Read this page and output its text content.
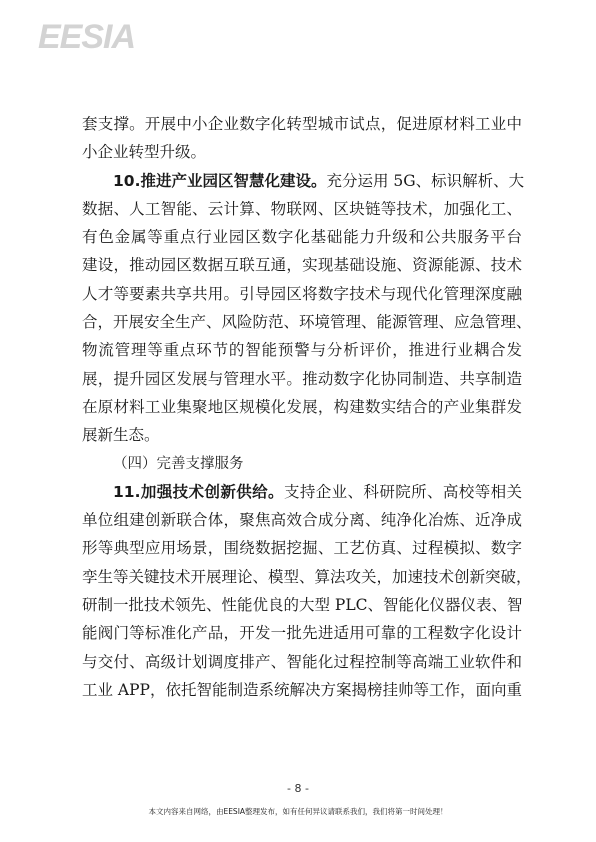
EESIA
套支撑。开展中小企业数字化转型城市试点，促进原材料工业中
小企业转型升级。
10.推进产业园区智慧化建设。充分运用 5G、标识解析、大
数据、人工智能、云计算、物联网、区块链等技术，加强化工、
有色金属等重点行业园区数字化基础能力升级和公共服务平台
建设，推动园区数据互联互通，实现基础设施、资源能源、技术
人才等要素共享共用。引导园区将数字技术与现代化管理深度融
合，开展安全生产、风险防范、环境管理、能源管理、应急管理、
物流管理等重点环节的智能预警与分析评价，推进行业耦合发
展，提升园区发展与管理水平。推动数字化协同制造、共享制造
在原材料工业集聚地区规模化发展，构建数实结合的产业集群发
展新生态。
（四）完善支撑服务
11.加强技术创新供给。支持企业、科研院所、高校等相关
单位组建创新联合体，聚焦高效合成分离、纯净化冶炼、近净成
形等典型应用场景，围绕数据挖掘、工艺仿真、过程模拟、数字
孪生等关键技术开展理论、模型、算法攻关，加速技术创新突破，
研制一批技术领先、性能优良的大型 PLC、智能化仪器仪表、智
能阀门等标准化产品，开发一批先进适用可靠的工程数字化设计
与交付、高级计划调度排产、智能化过程控制等高端工业软件和
工业 APP，依托智能制造系统解决方案揭榜挂帅等工作，面向重
- 8 -
本文内容来自网络，由EESIA整理发布，如有任何异议请联系我们，我们将第一时间处理！
